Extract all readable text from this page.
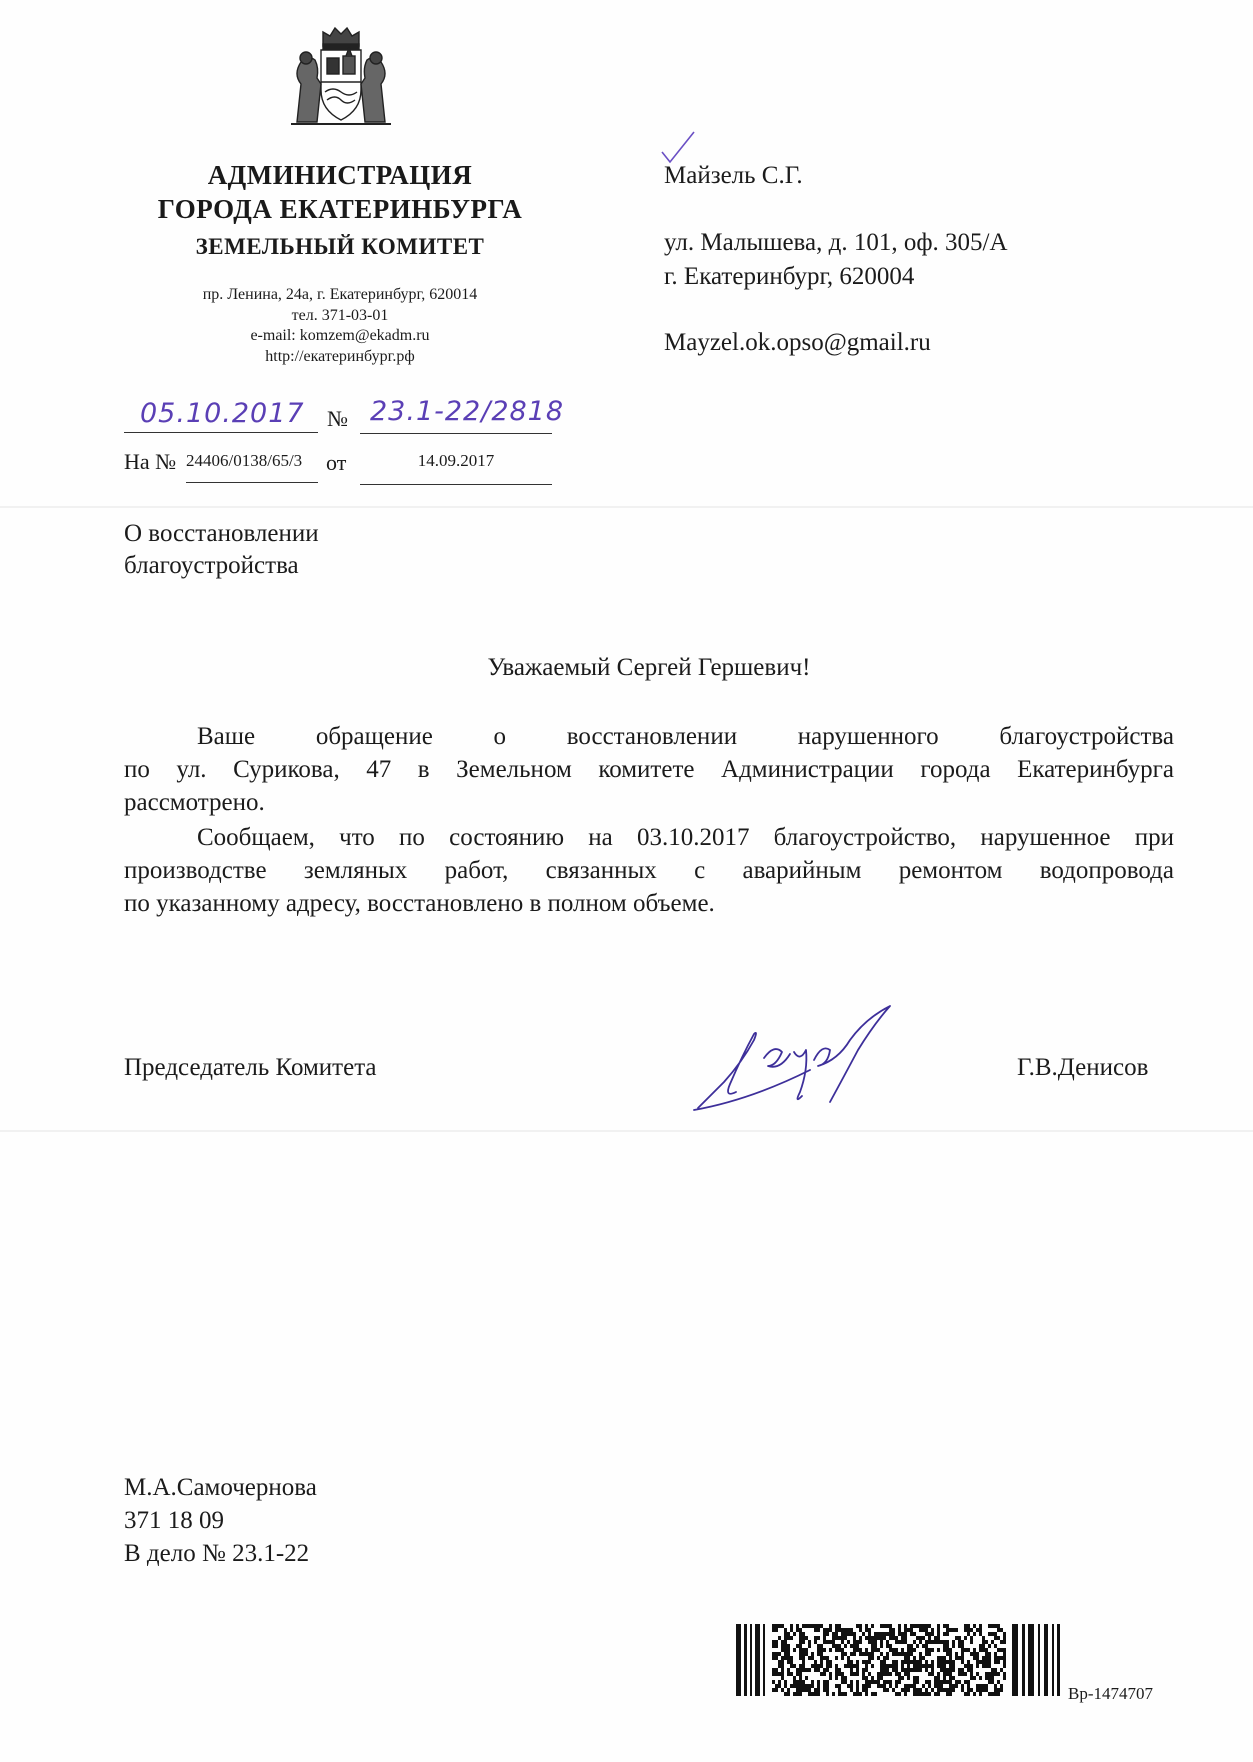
АДМИНИСТРАЦИЯ
ГОРОДА ЕКАТЕРИНБУРГА
ЗЕМЕЛЬНЫЙ КОМИТЕТ
пр. Ленина, 24а, г. Екатеринбург, 620014
тел. 371-03-01
e-mail: komzem@ekadm.ru
http://екатеринбург.рф
05.10.2017 № 23.1-22/2818
На № 24406/0138/65/3	от	14.09.2017
Майзель С.Г.
ул. Малышева, д. 101, оф. 305/А
г. Екатеринбург, 620004
Mayzel.ok.opso@gmail.ru
О восстановлении
благоустройства
Уважаемый Сергей Гершевич!
Ваше обращение о восстановлении нарушенного благоустройства
по ул. Сурикова, 47 в Земельном комитете Администрации города Екатеринбурга
рассмотрено.
Сообщаем, что по состоянию на 03.10.2017 благоустройство, нарушенное при
производстве земляных работ, связанных с аварийным ремонтом водопровода
по указанному адресу, восстановлено в полном объеме.
Председатель Комитета	Г.В.Денисов
М.А.Самочернова
371 18 09
В дело № 23.1-22
Вр-1474707
